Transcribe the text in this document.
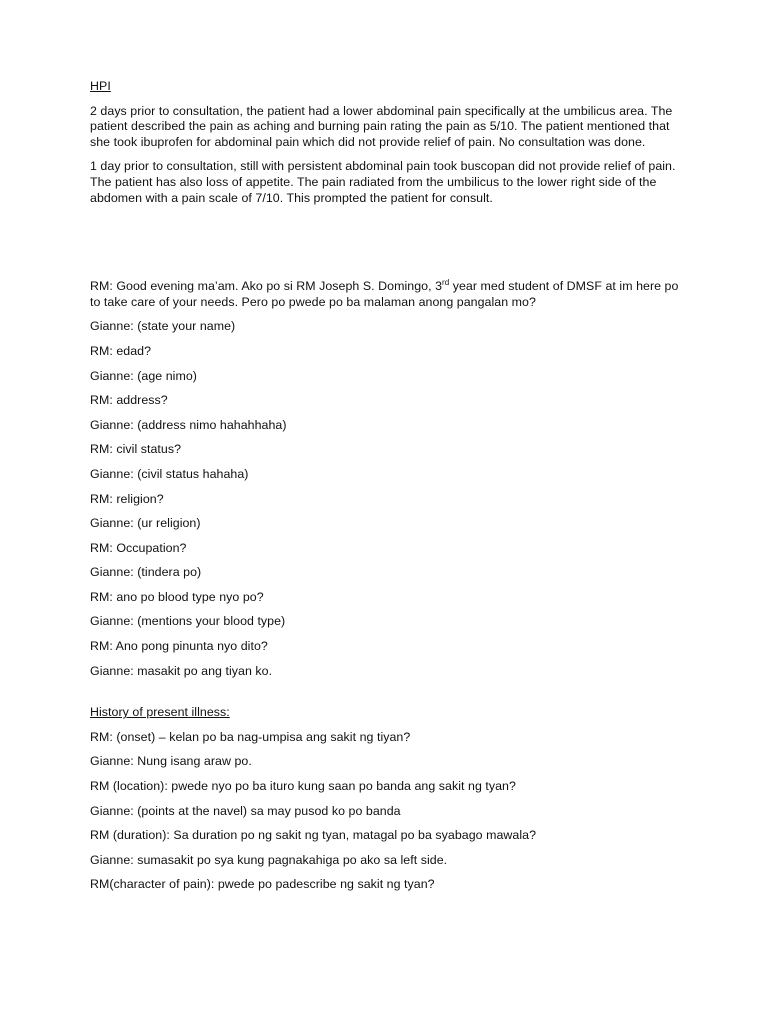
HPI

2 days prior to consultation, the patient had a lower abdominal pain specifically at the umbilicus area. The patient described the pain as aching and burning pain rating the pain as 5/10. The patient mentioned that she took ibuprofen for abdominal pain which did not provide relief of pain. No consultation was done.

1 day prior to consultation, still with persistent abdominal pain took buscopan did not provide relief of pain. The patient has also loss of appetite. The pain radiated from the umbilicus to the lower right side of the abdomen with a pain scale of 7/10. This prompted the patient for consult.

RM: Good evening ma’am. Ako po si RM Joseph S. Domingo, 3rd year med student of DMSF at im here po to take care of your needs. Pero po pwede po ba malaman anong pangalan mo?

Gianne: (state your name)

RM: edad?

Gianne: (age nimo)

RM: address?

Gianne: (address nimo hahahhaha)

RM: civil status?

Gianne: (civil status hahaha)

RM: religion?

Gianne: (ur religion)

RM: Occupation?

Gianne: (tindera po)

RM: ano po blood type nyo po?

Gianne: (mentions your blood type)

RM: Ano pong pinunta nyo dito?

Gianne: masakit po ang tiyan ko.

History of present illness:

RM: (onset) – kelan po ba nag-umpisa ang sakit ng tiyan?

Gianne: Nung isang araw po.

RM (location): pwede nyo po ba ituro kung saan po banda ang sakit ng tyan?

Gianne: (points at the navel) sa may pusod ko po banda

RM (duration): Sa duration po ng sakit ng tyan, matagal po ba syabago mawala?

Gianne: sumasakit po sya kung pagnakahiga po ako sa left side.

RM(character of pain): pwede po padescribe ng sakit ng tyan?
